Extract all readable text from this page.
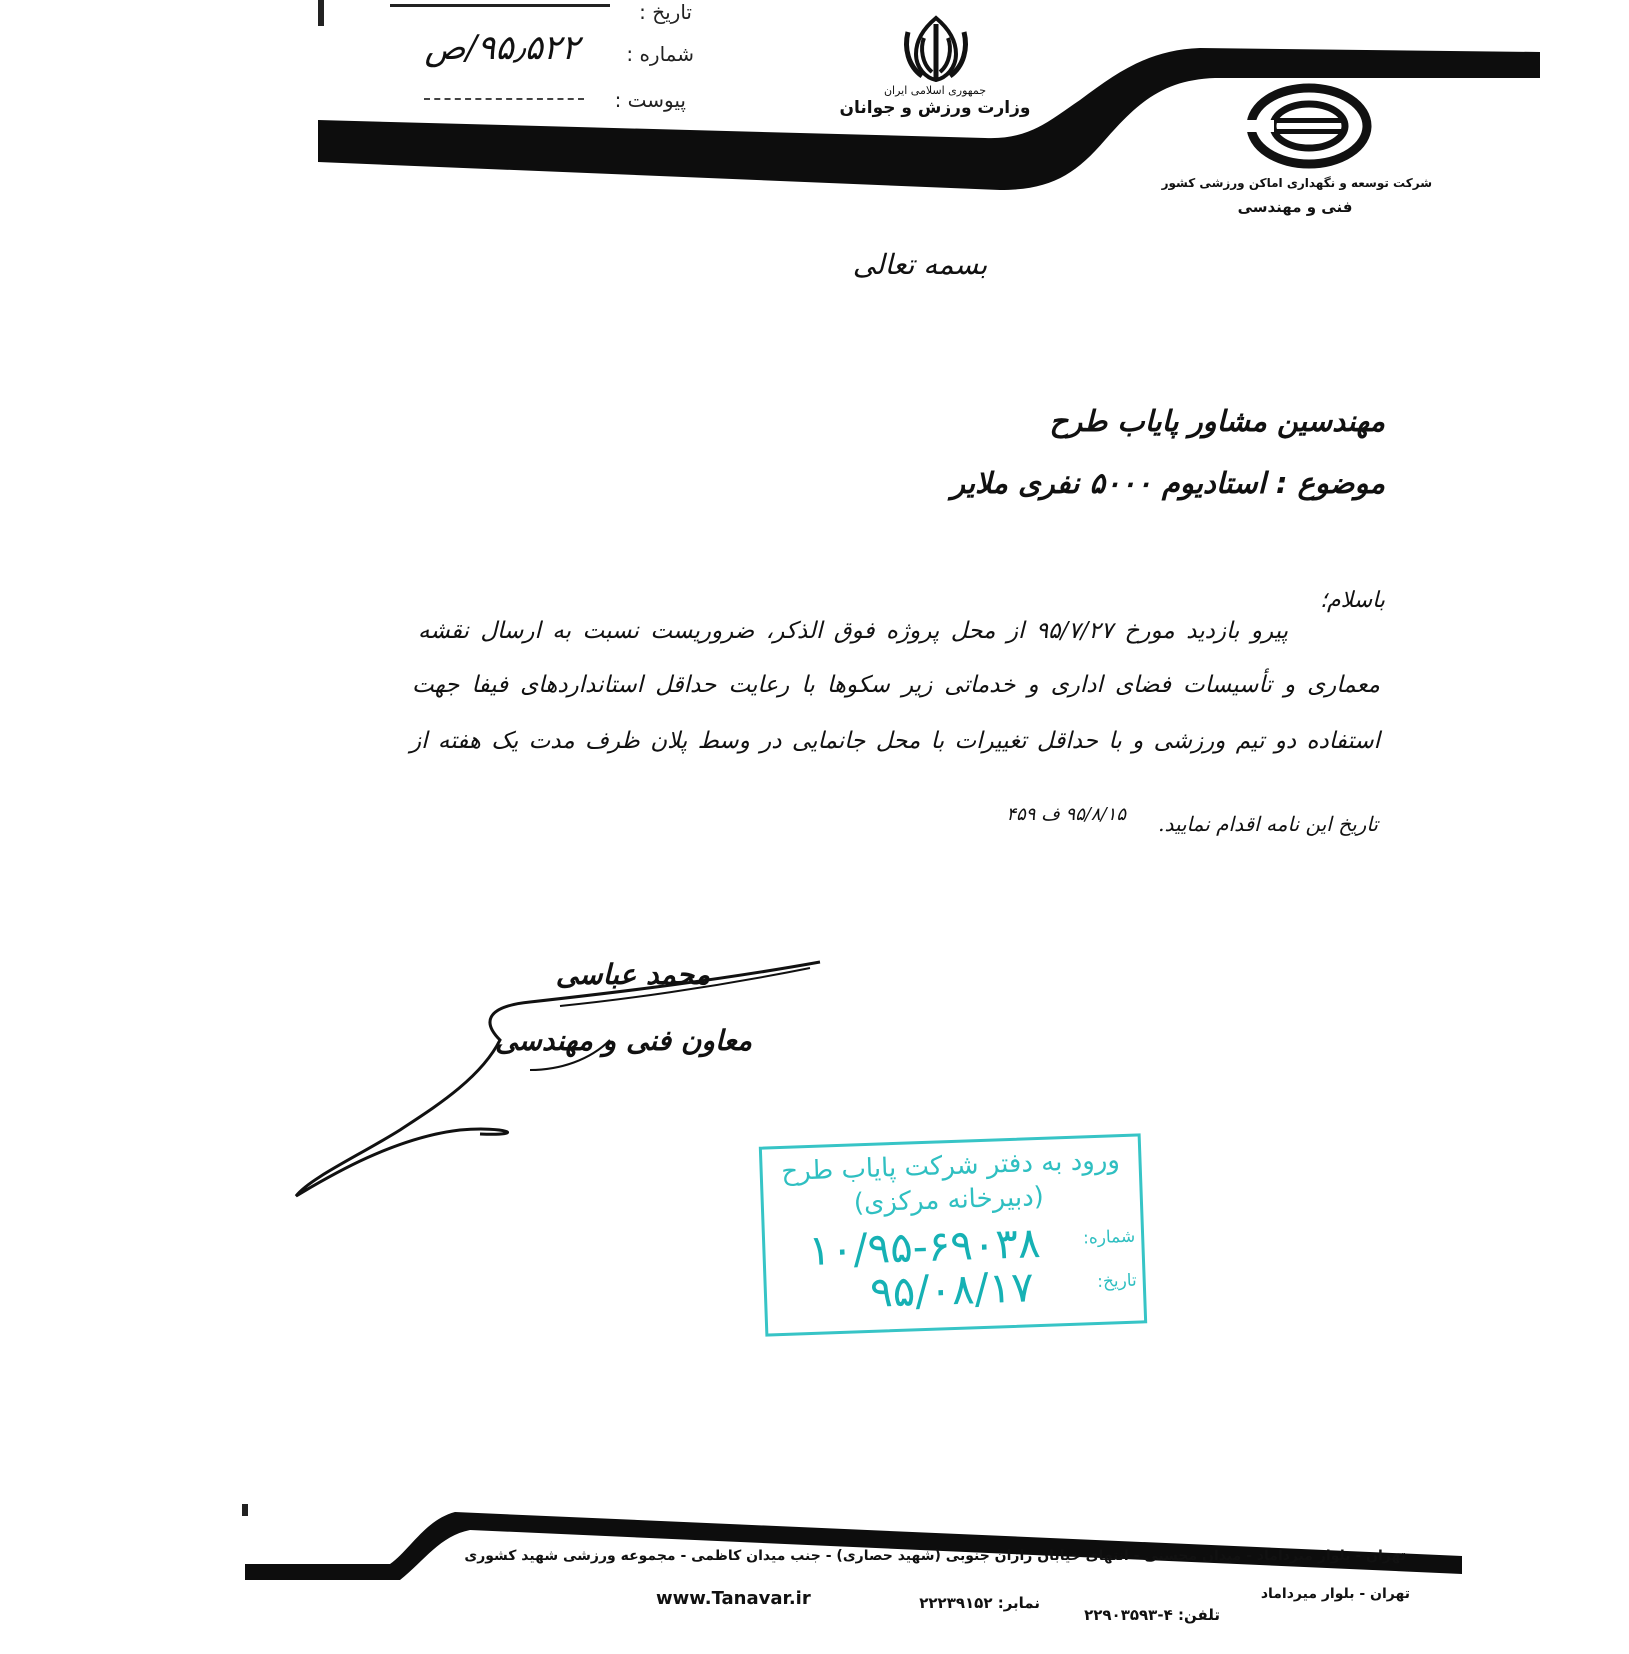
تاریخ :
شماره :
۹۵٫۵۲۲/ص
پیوست :	جمهوری اسلامی ایران
وزارت ورزش و جوانان
شرکت توسعه و نگهداری اماکن ورزشی کشور
فنی و مهندسی
بسمه تعالی
مهندسین مشاور پایاب طرح
موضوع : استادیوم ۵۰۰۰ نفری ملایر
باسلام؛
پیرو بازدید مورخ ۹۵/۷/۲۷ از محل پروژه فوق الذکر، ضروریست نسبت به ارسال نقشه
معماری و تأسیسات فضای اداری و خدماتی زیر سکوها با رعایت حداقل استانداردهای فیفا جهت
استفاده دو تیم ورزشی و با حداقل تغییرات با محل جانمایی در وسط پلان ظرف مدت یک هفته از
تاریخ این نامه اقدام نمایید.
۹۵/۸/۱۵ ف ۴۵۹
محمد عباسی
معاون فنی و مهندسی
ورود به دفتر شرکت پایاب طرح
(دبیرخانه مرکزی)
شماره:
۱۰/۹۵-۶۹۰۳۸
تاریخ:
۹۵/۰۸/۱۷
تهران - بلوار میرداماد - میدان محسنی - انتهای خیابان رازان جنوبی (شهید حصاری) - جنب میدان کاظمی - مجموعه ورزشی شهید کشوری
تهران - بلوار میرداماد
تلفن: ۴-۲۲۹۰۳۵۹۳
نمابر: ۲۲۲۳۹۱۵۲
www.Tanavar.ir
